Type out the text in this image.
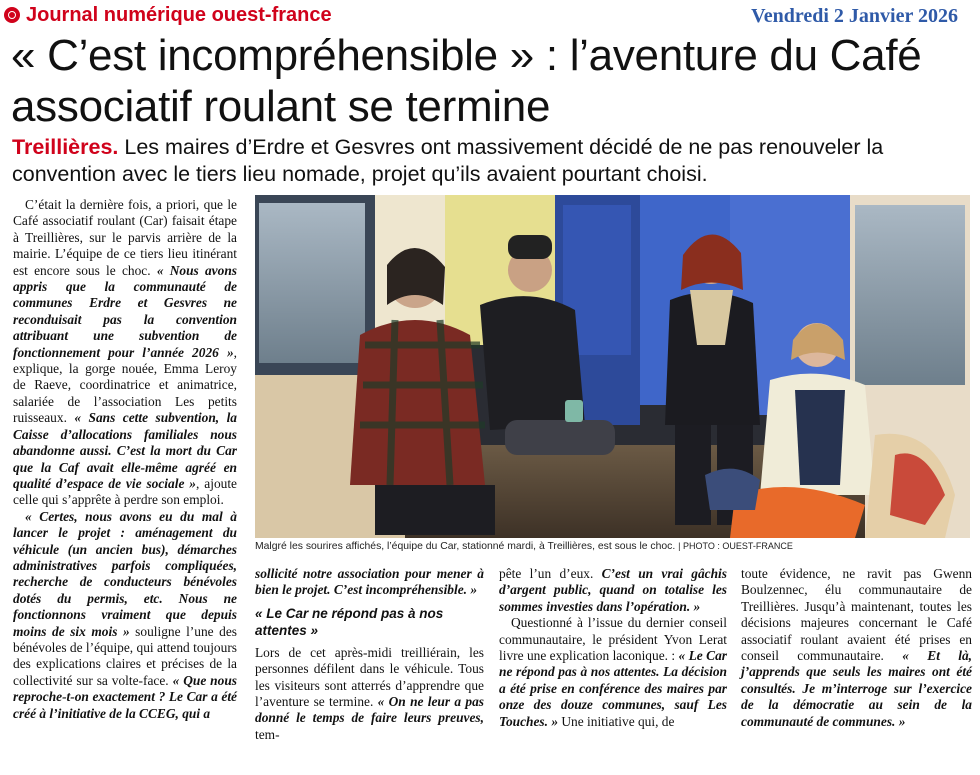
Journal numérique ouest-france	Vendredi 2 Janvier 2026
« C’est incompréhensible » : l’aventure du Café associatif roulant se termine

Treillières. Les maires d’Erdre et Gesvres ont massivement décidé de ne pas renouveler la convention avec le tiers lieu nomade, projet qu’ils avaient pourtant choisi.

C’était la dernière fois, a priori, que le Café associatif roulant (Car) faisait étape à Treillières, sur le parvis arrière de la mairie. L’équipe de ce tiers lieu itinérant est encore sous le choc. « Nous avons appris que la communauté de communes Erdre et Gesvres ne reconduisait pas la convention attribuant une subvention de fonctionnement pour l’année 2026 », explique, la gorge nouée, Emma Leroy de Raeve, coordinatrice et animatrice, salariée de l’association Les petits ruisseaux. « Sans cette subvention, la Caisse d’allocations familiales nous abandonne aussi. C’est la mort du Car que la Caf avait elle-même agréé en qualité d’espace de vie sociale », ajoute celle qui s’apprête à perdre son emploi.

« Certes, nous avons eu du mal à lancer le projet : aménagement du véhicule (un ancien bus), démarches administratives parfois compliquées, recherche de conducteurs bénévoles dotés du permis, etc. Nous ne fonctionnons vraiment que depuis moins de six mois » souligne l’une des bénévoles de l’équipe, qui attend toujours des explications claires et précises de la collectivité sur sa volte-face. « Que nous reproche-t-on exactement ? Le Car a été créé à l’initiative de la CCEG, qui a

Malgré les sourires affichés, l’équipe du Car, stationné mardi, à Treillières, est sous le choc. | PHOTO : OUEST-FRANCE

sollicité notre association pour mener à bien le projet. C’est incompréhensible. »

« Le Car ne répond pas à nos attentes »

Lors de cet après-midi treilliérain, les personnes défilent dans le véhicule. Tous les visiteurs sont atterrés d’apprendre que l’aventure se termine. « On ne leur a pas donné le temps de faire leurs preuves, tem-

pête l’un d’eux. C’est un vrai gâchis d’argent public, quand on totalise les sommes investies dans l’opération. »

Questionné à l’issue du dernier conseil communautaire, le président Yvon Lerat livre une explication laconique. : « Le Car ne répond pas à nos attentes. La décision a été prise en conférence des maires par onze des douze communes, sauf Les Touches. » Une initiative qui, de

toute évidence, ne ravit pas Gwenn Boulzennec, élu communautaire de Treillières. Jusqu’à maintenant, toutes les décisions majeures concernant le Café associatif roulant avaient été prises en conseil communautaire. « Et là, j’apprends que seuls les maires ont été consultés. Je m’interroge sur l’exercice de la démocratie au sein de la communauté de communes. »
